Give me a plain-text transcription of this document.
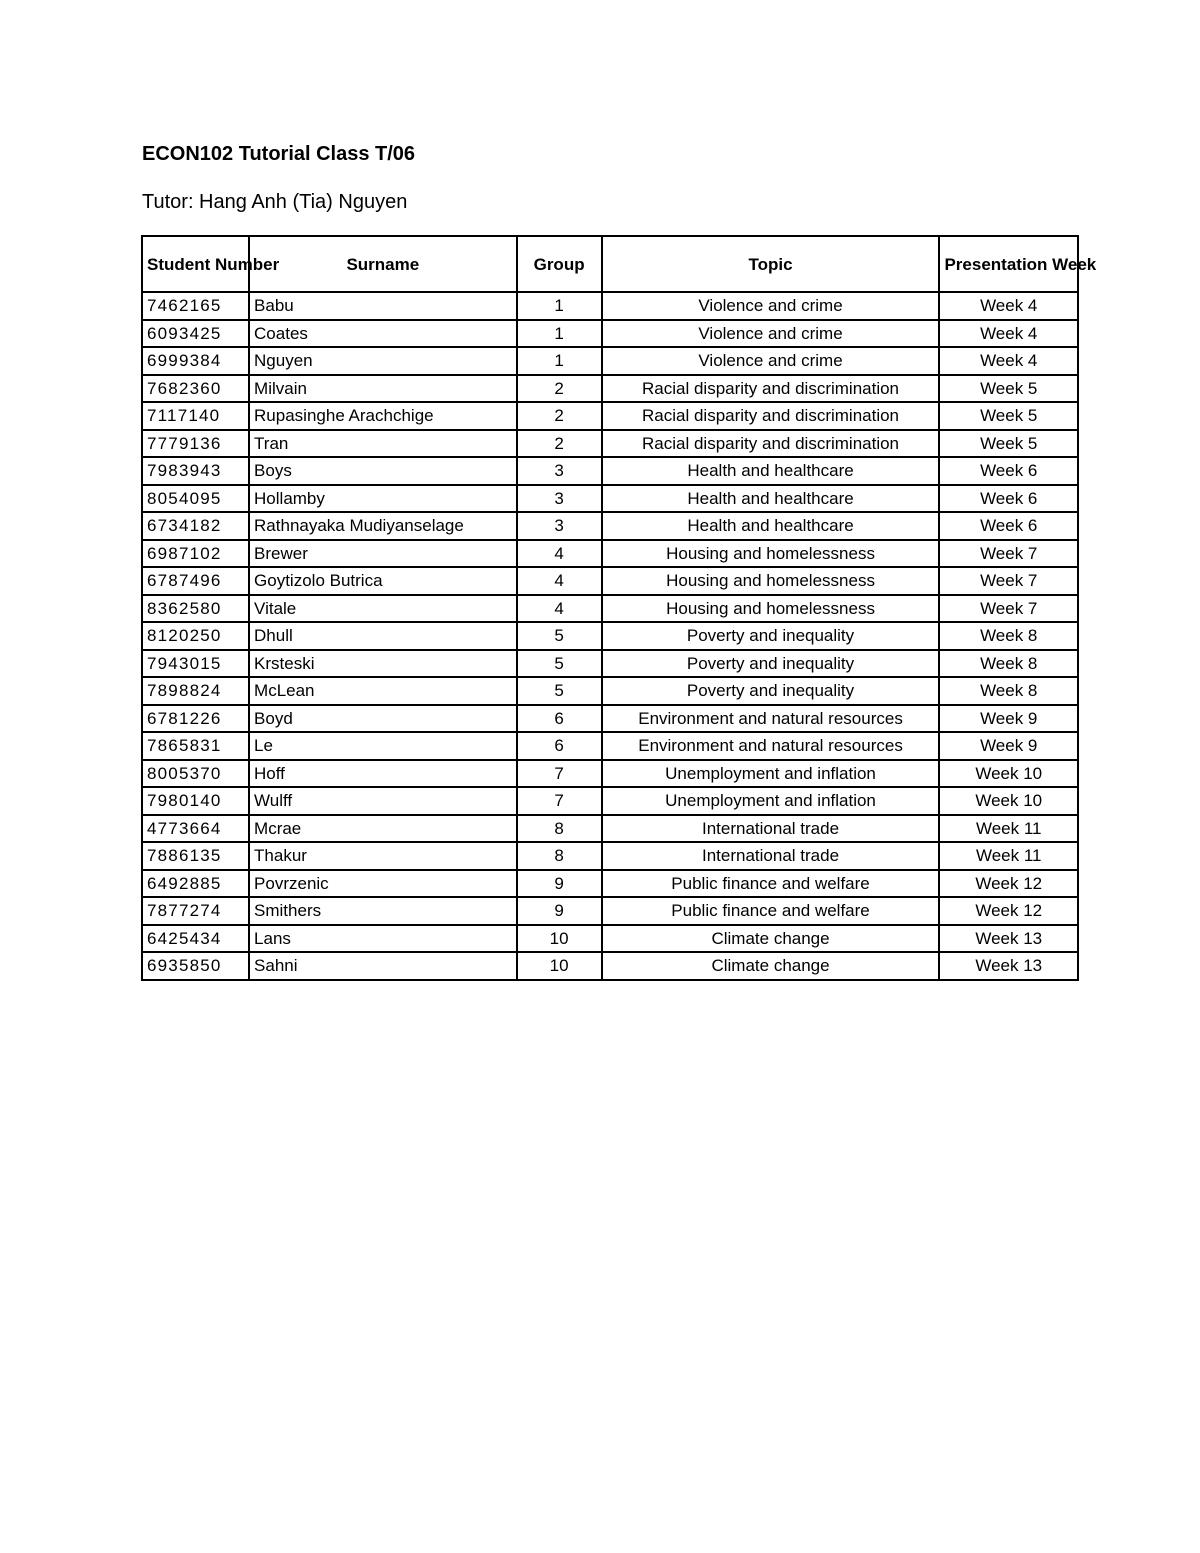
ECON102 Tutorial Class T/06

Tutor: Hang Anh (Tia) Nguyen

Student Number	Surname	Group	Topic	Presentation Week
7462165	Babu	1	Violence and crime	Week 4
6093425	Coates	1	Violence and crime	Week 4
6999384	Nguyen	1	Violence and crime	Week 4
7682360	Milvain	2	Racial disparity and discrimination	Week 5
7117140	Rupasinghe Arachchige	2	Racial disparity and discrimination	Week 5
7779136	Tran	2	Racial disparity and discrimination	Week 5
7983943	Boys	3	Health and healthcare	Week 6
8054095	Hollamby	3	Health and healthcare	Week 6
6734182	Rathnayaka Mudiyanselage	3	Health and healthcare	Week 6
6987102	Brewer	4	Housing and homelessness	Week 7
6787496	Goytizolo Butrica	4	Housing and homelessness	Week 7
8362580	Vitale	4	Housing and homelessness	Week 7
8120250	Dhull	5	Poverty and inequality	Week 8
7943015	Krsteski	5	Poverty and inequality	Week 8
7898824	McLean	5	Poverty and inequality	Week 8
6781226	Boyd	6	Environment and natural resources	Week 9
7865831	Le	6	Environment and natural resources	Week 9
8005370	Hoff	7	Unemployment and inflation	Week 10
7980140	Wulff	7	Unemployment and inflation	Week 10
4773664	Mcrae	8	International trade	Week 11
7886135	Thakur	8	International trade	Week 11
6492885	Povrzenic	9	Public finance and welfare	Week 12
7877274	Smithers	9	Public finance and welfare	Week 12
6425434	Lans	10	Climate change	Week 13
6935850	Sahni	10	Climate change	Week 13
